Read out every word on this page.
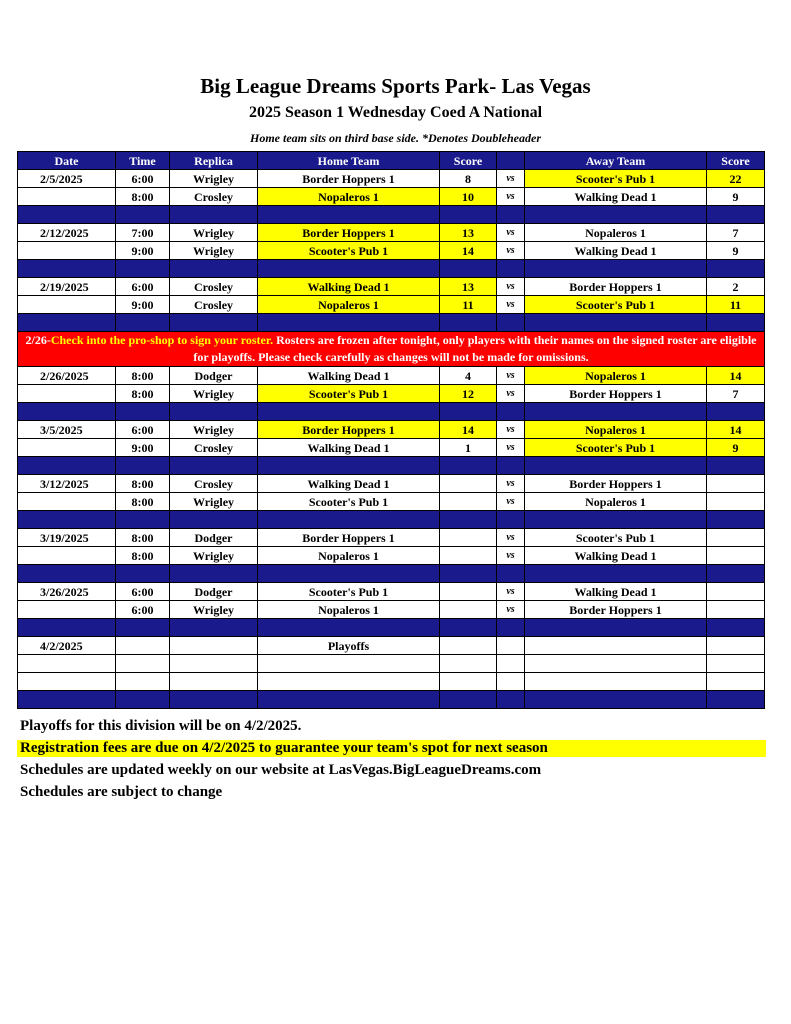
Big League Dreams Sports Park- Las Vegas
2025 Season 1 Wednesday Coed A National
Home team sits on third base side. *Denotes Doubleheader
Date	Time	Replica	Home Team	Score		Away Team	Score
2/5/2025	6:00	Wrigley	Border Hoppers 1	8	vs	Scooter's Pub 1	22
	8:00	Crosley	Nopaleros 1	10	vs	Walking Dead 1	9

2/12/2025	7:00	Wrigley	Border Hoppers 1	13	vs	Nopaleros 1	7
	9:00	Wrigley	Scooter's Pub 1	14	vs	Walking Dead 1	9

2/19/2025	6:00	Crosley	Walking Dead 1	13	vs	Border Hoppers 1	2
	9:00	Crosley	Nopaleros 1	11	vs	Scooter's Pub 1	11

2/26-Check into the pro-shop to sign your roster. Rosters are frozen after tonight, only players with their names on the signed roster are eligible for playoffs. Please check carefully as changes will not be made for omissions.							
2/26/2025	8:00	Dodger	Walking Dead 1	4	vs	Nopaleros 1	14
	8:00	Wrigley	Scooter's Pub 1	12	vs	Border Hoppers 1	7

3/5/2025	6:00	Wrigley	Border Hoppers 1	14	vs	Nopaleros 1	14
	9:00	Crosley	Walking Dead 1	1	vs	Scooter's Pub 1	9

3/12/2025	8:00	Crosley	Walking Dead 1		vs	Border Hoppers 1	
	8:00	Wrigley	Scooter's Pub 1		vs	Nopaleros 1	

3/19/2025	8:00	Dodger	Border Hoppers 1		vs	Scooter's Pub 1	
	8:00	Wrigley	Nopaleros 1		vs	Walking Dead 1	

3/26/2025	6:00	Dodger	Scooter's Pub 1		vs	Walking Dead 1	
	6:00	Wrigley	Nopaleros 1		vs	Border Hoppers 1	

4/2/2025			Playoffs				

Playoffs for this division will be on 4/2/2025.
Registration fees are due on 4/2/2025 to guarantee your team's spot for next season
Schedules are updated weekly on our website at LasVegas.BigLeagueDreams.com
Schedules are subject to change
